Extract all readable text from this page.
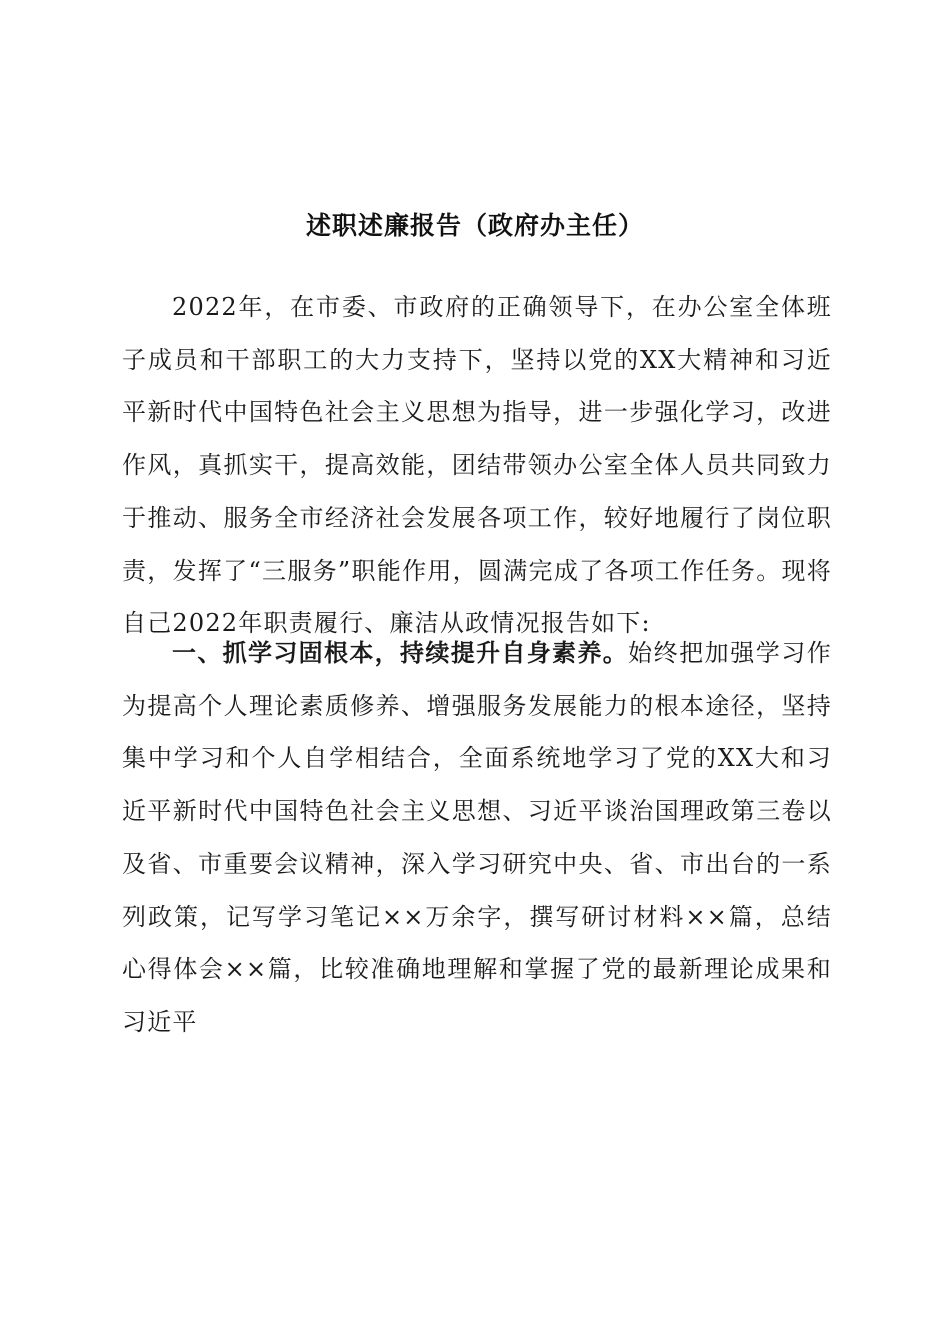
述职述廉报告（政府办主任）
2022年，在市委、市政府的正确领导下，在办公室全体班子成员和干部职工的大力支持下，坚持以党的XX大精神和习近平新时代中国特色社会主义思想为指导，进一步强化学习，改进作风，真抓实干，提高效能，团结带领办公室全体人员共同致力于推动、服务全市经济社会发展各项工作，较好地履行了岗位职责，发挥了“三服务”职能作用，圆满完成了各项工作任务。现将自己2022年职责履行、廉洁从政情况报告如下:
一、抓学习固根本，持续提升自身素养。始终把加强学习作为提高个人理论素质修养、增强服务发展能力的根本途径，坚持集中学习和个人自学相结合，全面系统地学习了党的XX大和习近平新时代中国特色社会主义思想、习近平谈治国理政第三卷以及省、市重要会议精神，深入学习研究中央、省、市出台的一系列政策，记写学习笔记××万余字，撰写研讨材料××篇，总结心得体会××篇，比较准确地理解和掌握了党的最新理论成果和习近平
